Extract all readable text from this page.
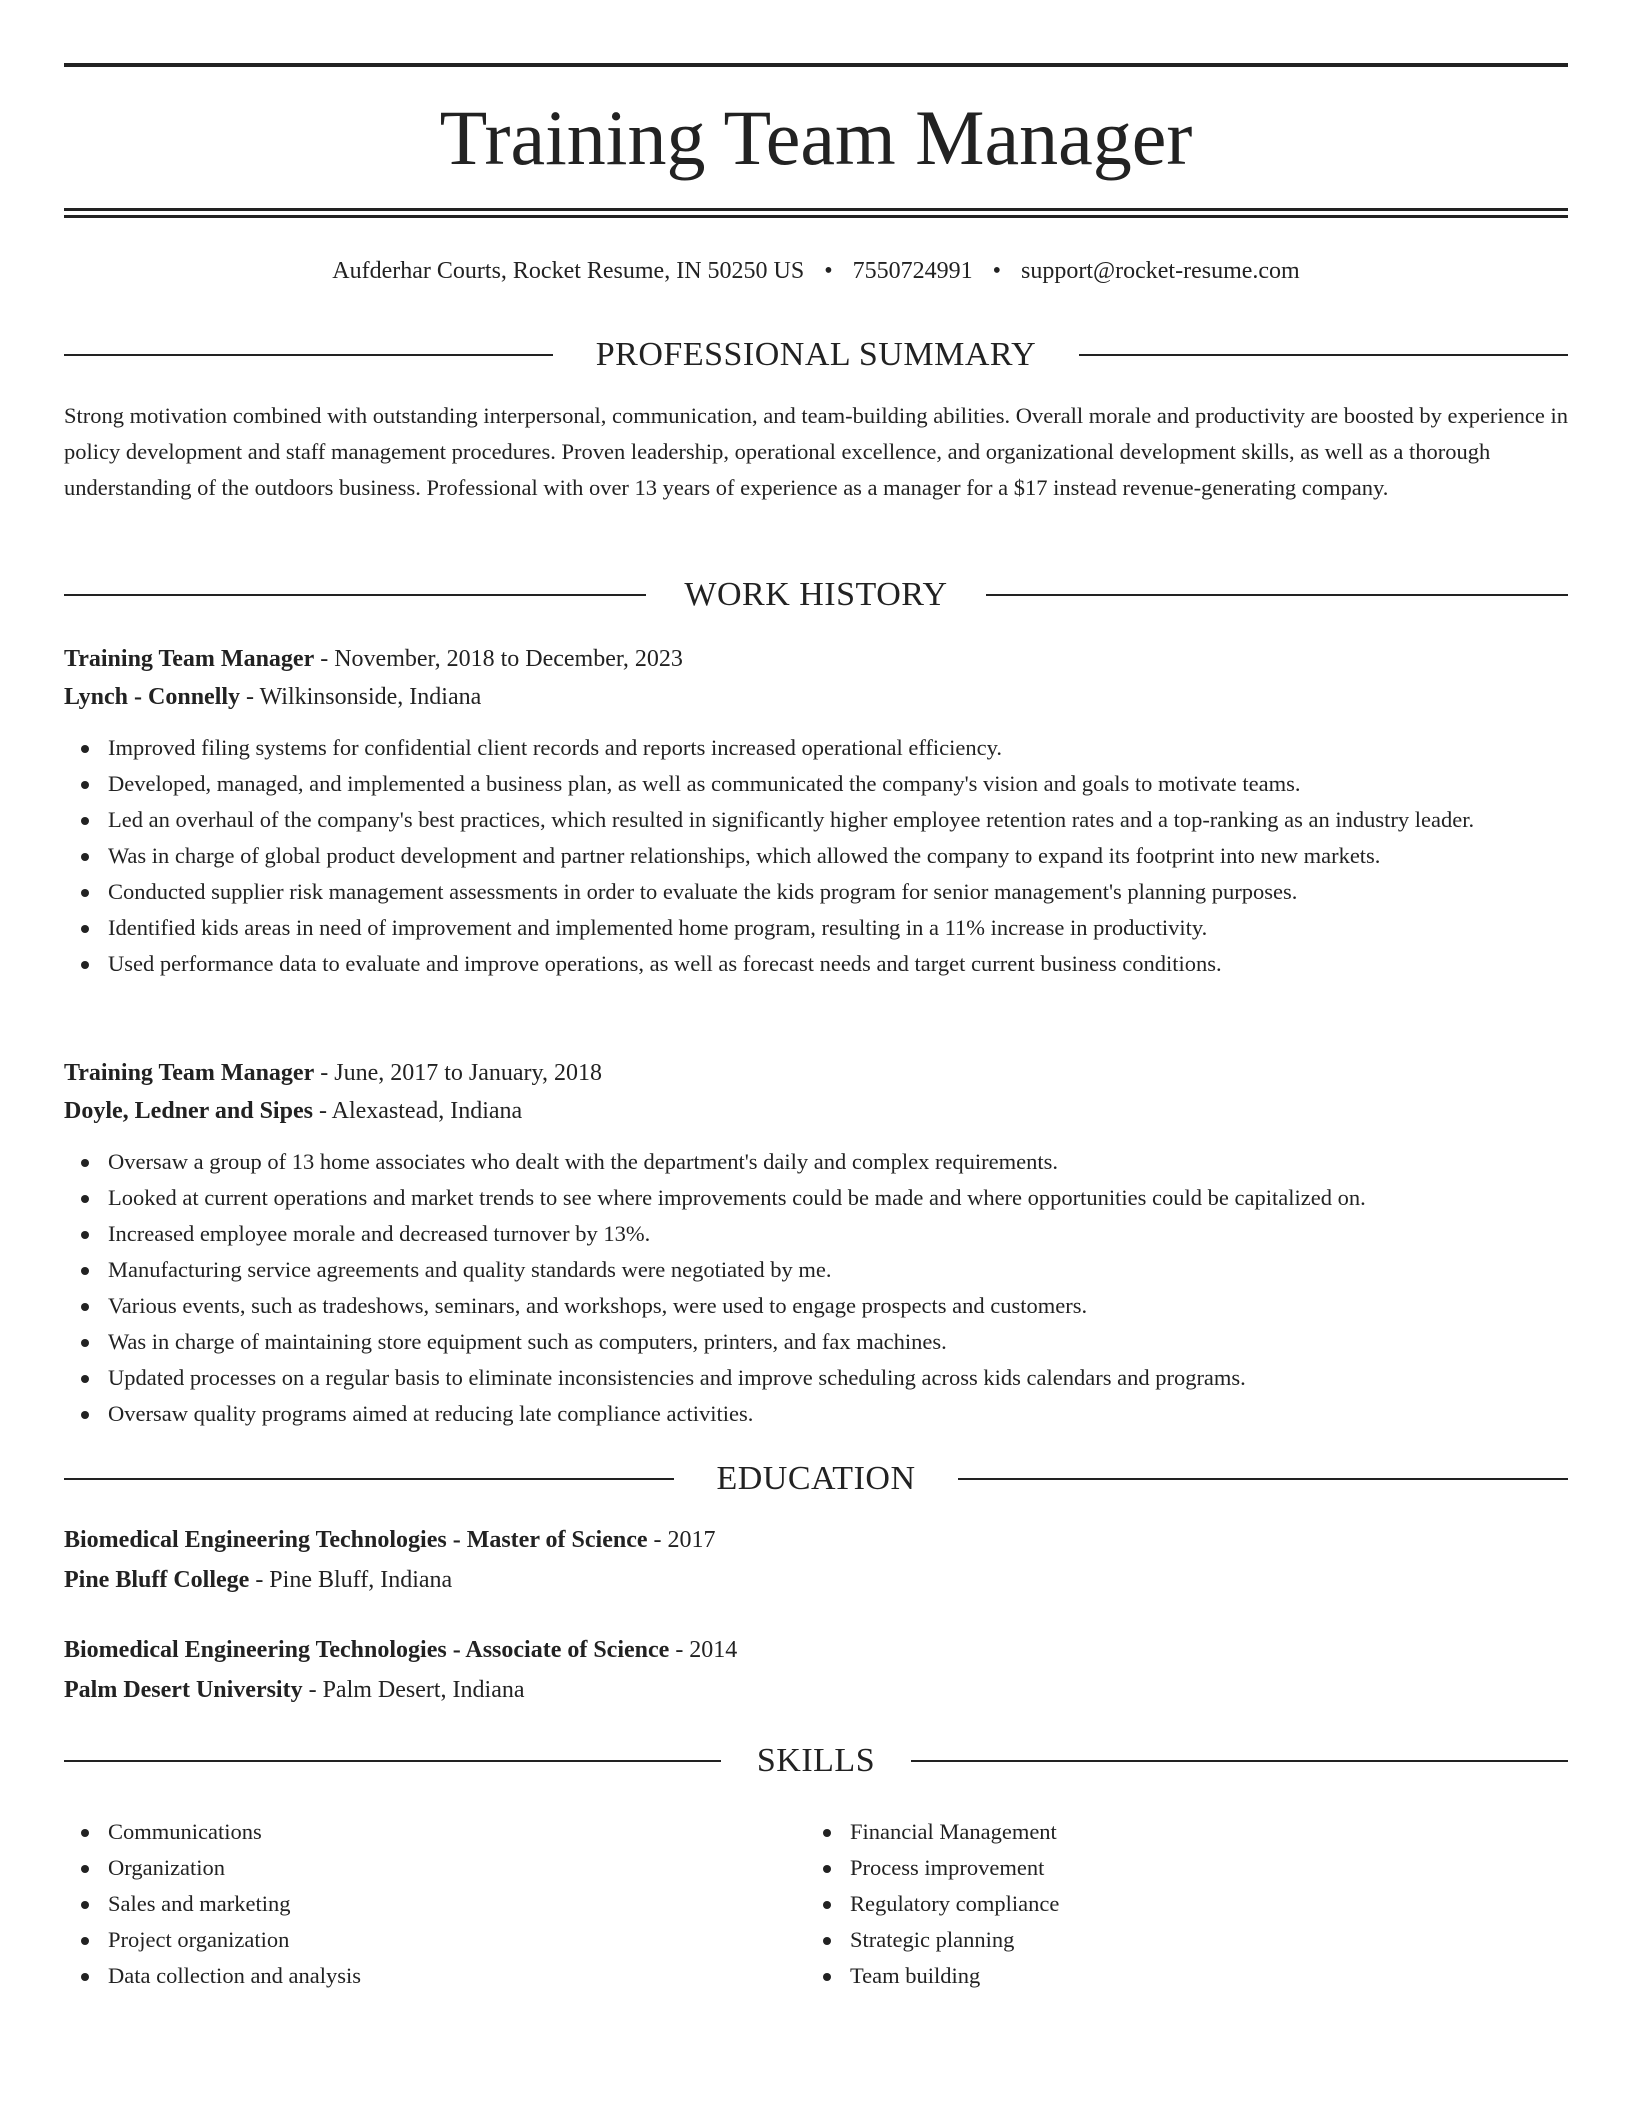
Training Team Manager
Aufderhar Courts, Rocket Resume, IN 50250 US • 7550724991 • support@rocket-resume.com
PROFESSIONAL SUMMARY

Strong motivation combined with outstanding interpersonal, communication, and team-building abilities. Overall morale and productivity are boosted by experience in policy development and staff management procedures. Proven leadership, operational excellence, and organizational development skills, as well as a thorough understanding of the outdoors business. Professional with over 13 years of experience as a manager for a $17 instead revenue-generating company.

WORK HISTORY

Training Team Manager - November, 2018 to December, 2023

Lynch - Connelly - Wilkinsonside, Indiana

Improved filing systems for confidential client records and reports increased operational efficiency.
Developed, managed, and implemented a business plan, as well as communicated the company's vision and goals to motivate teams.
Led an overhaul of the company's best practices, which resulted in significantly higher employee retention rates and a top-ranking as an industry leader.
Was in charge of global product development and partner relationships, which allowed the company to expand its footprint into new markets.
Conducted supplier risk management assessments in order to evaluate the kids program for senior management's planning purposes.
Identified kids areas in need of improvement and implemented home program, resulting in a 11% increase in productivity.
Used performance data to evaluate and improve operations, as well as forecast needs and target current business conditions.

Training Team Manager - June, 2017 to January, 2018

Doyle, Ledner and Sipes - Alexastead, Indiana

Oversaw a group of 13 home associates who dealt with the department's daily and complex requirements.
Looked at current operations and market trends to see where improvements could be made and where opportunities could be capitalized on.
Increased employee morale and decreased turnover by 13%.
Manufacturing service agreements and quality standards were negotiated by me.
Various events, such as tradeshows, seminars, and workshops, were used to engage prospects and customers.
Was in charge of maintaining store equipment such as computers, printers, and fax machines.
Updated processes on a regular basis to eliminate inconsistencies and improve scheduling across kids calendars and programs.
Oversaw quality programs aimed at reducing late compliance activities.
EDUCATION

Biomedical Engineering Technologies - Master of Science - 2017

Pine Bluff College - Pine Bluff, Indiana

Biomedical Engineering Technologies - Associate of Science - 2014

Palm Desert University - Palm Desert, Indiana

SKILLS
Communications
Organization
Sales and marketing
Project organization
Data collection and analysis
Financial Management
Process improvement
Regulatory compliance
Strategic planning
Team building
